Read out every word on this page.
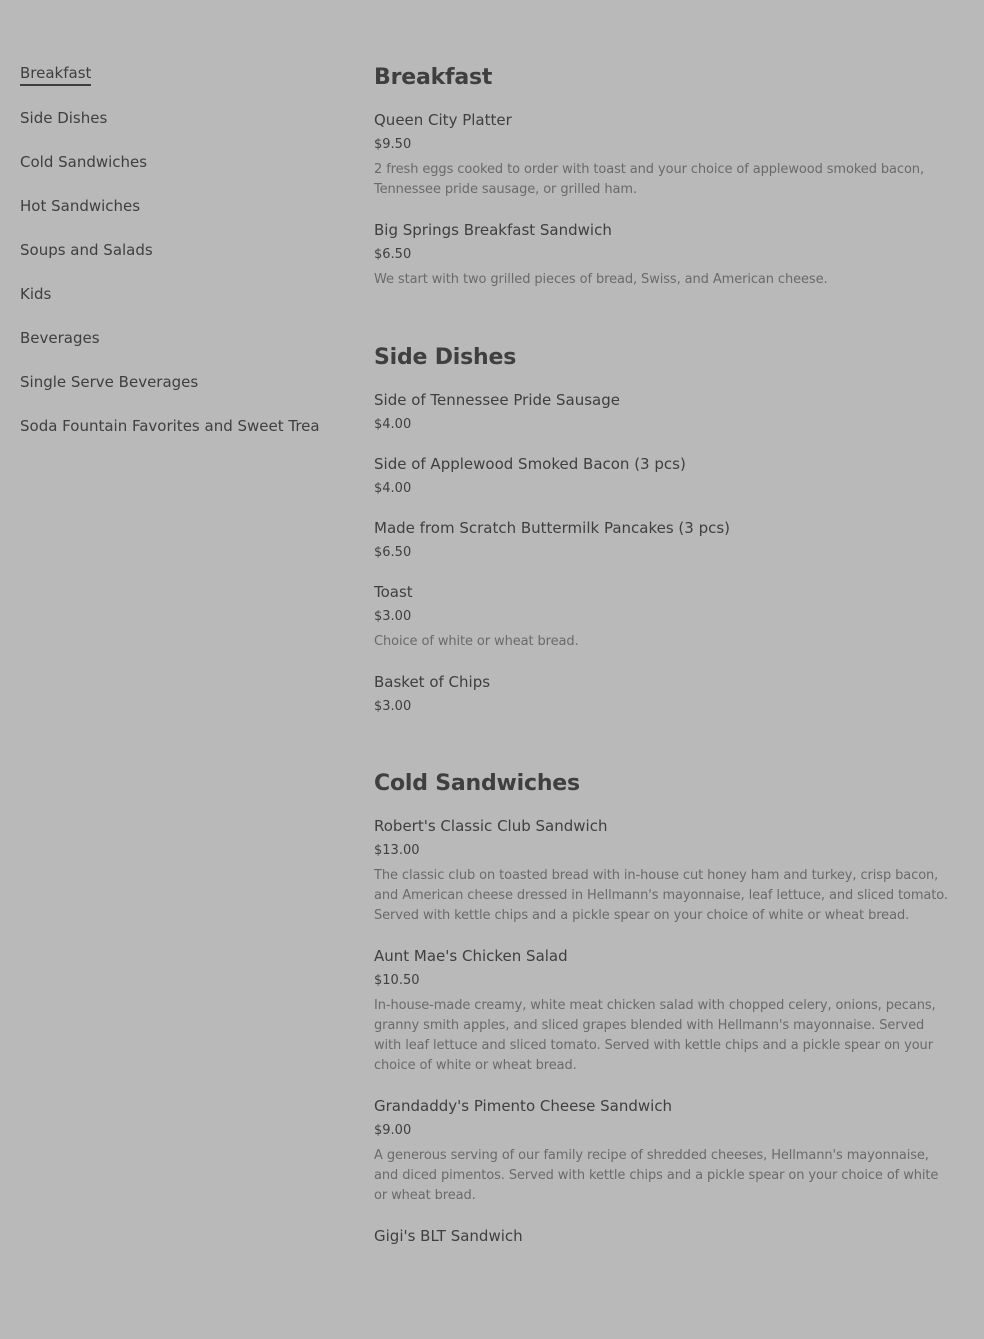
Breakfast
Side Dishes
Cold Sandwiches
Hot Sandwiches
Soups and Salads
Kids
Beverages
Single Serve Beverages
Soda Fountain Favorites and Sweet Trea
Breakfast
Queen City Platter
$9.50
2 fresh eggs cooked to order with toast and your choice of applewood smoked bacon, Tennessee pride sausage, or grilled ham.
Big Springs Breakfast Sandwich
$6.50
We start with two grilled pieces of bread, Swiss, and American cheese.
Side Dishes
Side of Tennessee Pride Sausage
$4.00
Side of Applewood Smoked Bacon (3 pcs)
$4.00
Made from Scratch Buttermilk Pancakes (3 pcs)
$6.50
Toast
$3.00
Choice of white or wheat bread.
Basket of Chips
$3.00
Cold Sandwiches
Robert's Classic Club Sandwich
$13.00
The classic club on toasted bread with in-house cut honey ham and turkey, crisp bacon, and American cheese dressed in Hellmann's mayonnaise, leaf lettuce, and sliced tomato. Served with kettle chips and a pickle spear on your choice of white or wheat bread.
Aunt Mae's Chicken Salad
$10.50
In-house-made creamy, white meat chicken salad with chopped celery, onions, pecans, granny smith apples, and sliced grapes blended with Hellmann's mayonnaise. Served with leaf lettuce and sliced tomato. Served with kettle chips and a pickle spear on your choice of white or wheat bread.
Grandaddy's Pimento Cheese Sandwich
$9.00
A generous serving of our family recipe of shredded cheeses, Hellmann's mayonnaise, and diced pimentos. Served with kettle chips and a pickle spear on your choice of white or wheat bread.
Gigi's BLT Sandwich
